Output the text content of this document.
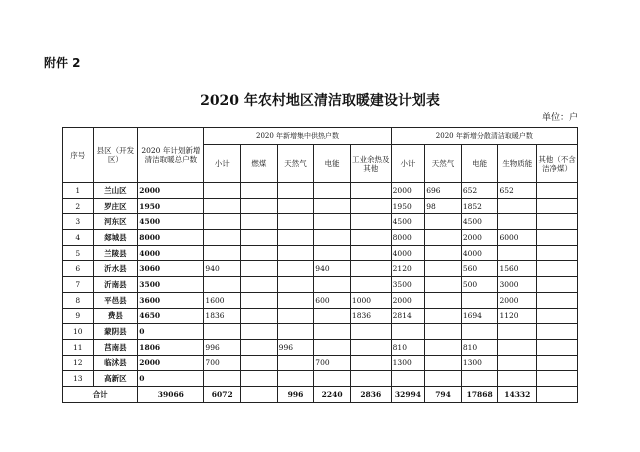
附件 2
2020 年农村地区清洁取暖建设计划表
单位：户
序号	县区（开发区）	2020 年计划新增清洁取暖总户数	2020 年新增集中供热户数					2020 年新增分散清洁取暖户数				
			小计	燃煤	天然气	电能	工业余热及其他	小计	天然气	电能	生物质能	其他（不含洁净煤）
1	兰山区	2000						2000	696	652	652	
2	罗庄区	1950						1950	98	1852		
3	河东区	4500						4500		4500		
4	郯城县	8000						8000		2000	6000	
5	兰陵县	4000						4000		4000		
6	沂水县	3060	940			940		2120		560	1560	
7	沂南县	3500						3500		500	3000	
8	平邑县	3600	1600			600	1000	2000			2000	
9	费县	4650	1836				1836	2814		1694	1120	
10	蒙阴县	0										
11	莒南县	1806	996		996			810		810		
12	临沭县	2000	700			700		1300		1300		
13	高新区	0										
合计		39066	6072		996	2240	2836	32994	794	17868	14332	
